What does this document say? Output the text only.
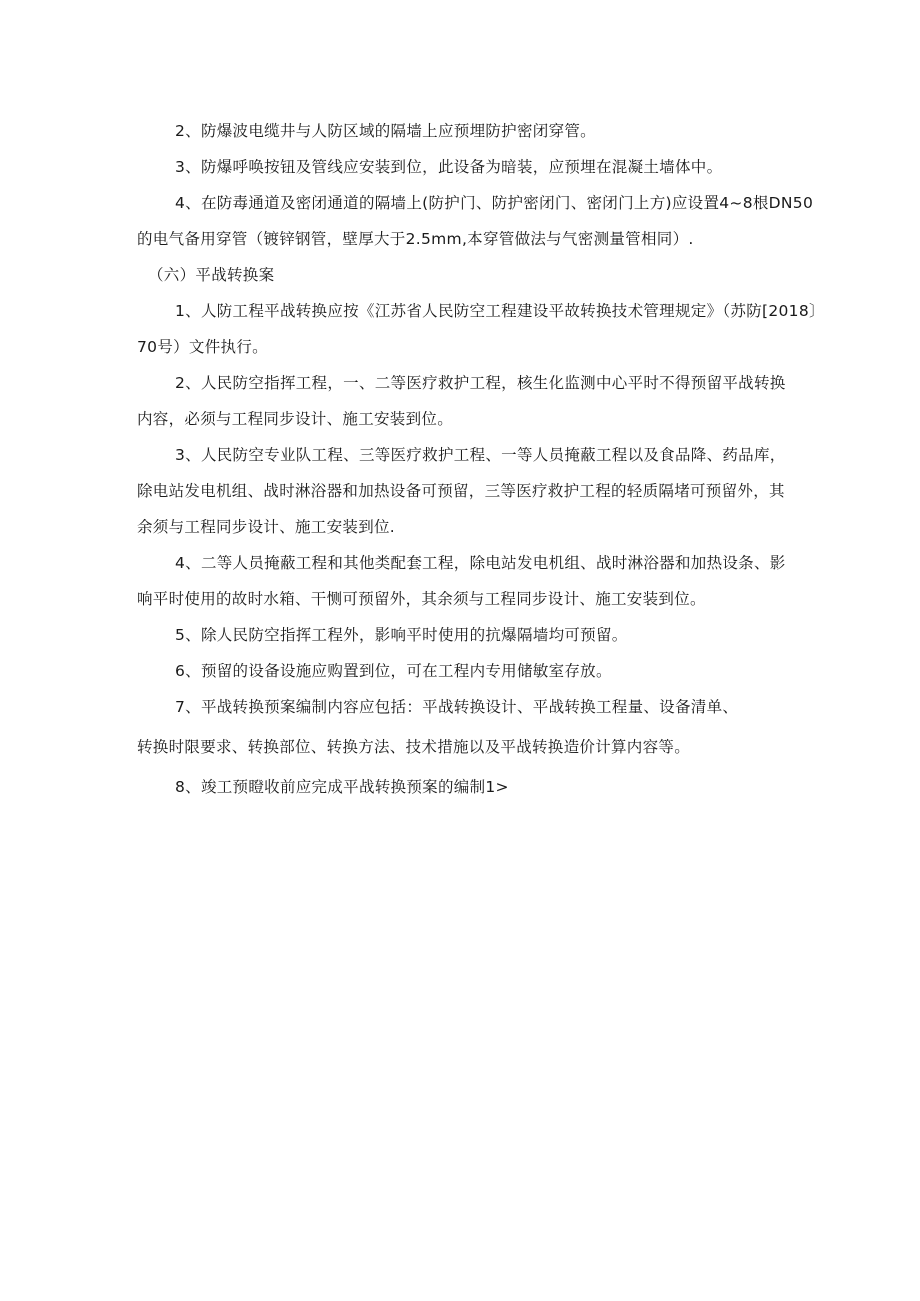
2、防爆波电缆井与人防区域的隔墙上应预埋防护密闭穿管。
3、防爆呼唤按钮及管线应安装到位，此设备为暗装，应预埋在混凝土墙体中。
4、在防毒通道及密闭通道的隔墙上(防护门、防护密闭门、密闭门上方)应设置4~8根DN50
的电气备用穿管（镀锌钢管，壁厚大于2.5mm,本穿管做法与气密测量管相同）.
（六）平战转换案
1、人防工程平战转换应按《江苏省人民防空工程建设平故转换技术管理规定》（苏防[2018〕
70号）文件执行。
2、人民防空指挥工程，一、二等医疗救护工程，核生化监测中心平时不得预留平战转换
内容，必须与工程同步设计、施工安装到位。
3、人民防空专业队工程、三等医疗救护工程、一等人员掩蔽工程以及食品降、药品库，
除电站发电机组、战时淋浴器和加热设备可预留，三等医疗救护工程的轻质隔堵可预留外，其
余须与工程同步设计、施工安装到位.
4、二等人员掩蔽工程和其他类配套工程，除电站发电机组、战时淋浴器和加热设条、影
响平时使用的故时水箱、干恻可预留外，其余须与工程同步设计、施工安装到位。
5、除人民防空指挥工程外，影响平时使用的抗爆隔墙均可预留。
6、预留的设备设施应购置到位，可在工程内专用储敏室存放。
7、平战转换预案编制内容应包括：平战转换设计、平战转换工程量、设备清单、
转换时限要求、转换部位、转换方法、技术措施以及平战转换造价计算内容等。
8、竣工预瞪收前应完成平战转换预案的编制1>
